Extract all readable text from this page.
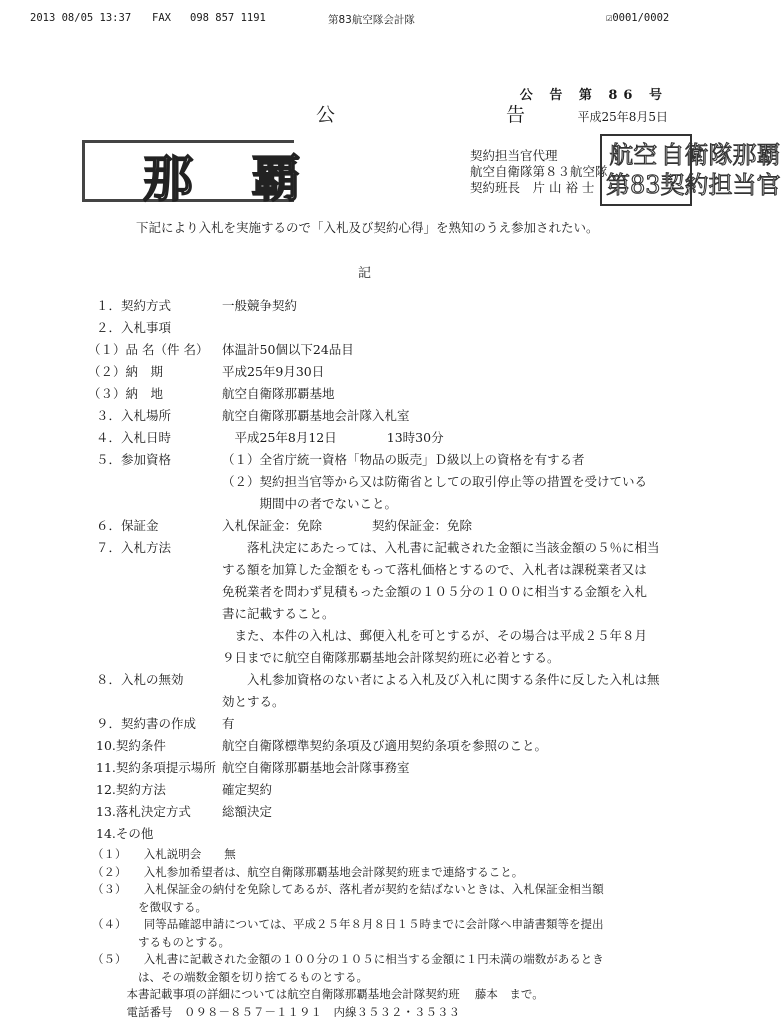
2013 08/05 13:37 FAX 098 857 1191	第83航空隊会計隊	☑0001/0002
公 告 第 86 号
平成25年8月5日
公　告
那覇	契約担当官代理
航空自衛隊第８３航空隊
契約班長　片 山 裕 士
航空 自衛 隊那 覇
第83 契約 担当 官
下記により入札を実施するので「入札及び契約心得」を熟知のうえ参加されたい。
記
１．契約方式	一般競争契約
２．入札事項
（１）品 名（件 名） 体温計50個以下24品目
（２）納　期	平成25年9月30日
（３）納　地	航空自衛隊那覇基地
３．入札場所	航空自衛隊那覇基地会計隊入札室
４．入札日時	　平成25年8月12日　　　　13時30分
５．参加資格	（１）全省庁統一資格「物品の販売」Ｄ級以上の資格を有する者
（２）契約担当官等から又は防衛省としての取引停止等の措置を受けている
　　　期間中の者でないこと。
６．保証金	入札保証金：免除　　　　契約保証金：免除
７．入札方法	　　落札決定にあたっては、入札書に記載された金額に当該金額の５％に相当
する額を加算した金額をもって落札価格とするので、入札者は課税業者又は
免税業者を問わず見積もった金額の１０５分の１００に相当する金額を入札
書に記載すること。
　また、本件の入札は、郵便入札を可とするが、その場合は平成２５年８月
９日までに航空自衛隊那覇基地会計隊契約班に必着とする。
８．入札の無効	　　入札参加資格のない者による入札及び入札に関する条件に反した入札は無
効とする。
９．契約書の作成 有
10.契約条件	航空自衛隊標準契約条項及び適用契約条項を参照のこと。
11.契約条項提示場所 航空自衛隊那覇基地会計隊事務室
12.契約方法	確定契約
13.落札決定方式 総額決定
14.その他
（１）　　入札説明会　　無
（２）　　入札参加希望者は、航空自衛隊那覇基地会計隊契約班まで連絡すること。
（３）　　入札保証金の納付を免除してあるが、落札者が契約を結ばないときは、入札保証金相当額
　　　　を徴収する。
（４）　　同等品確認申請については、平成２５年８月８日１５時までに会計隊へ申請書類等を提出
　　　　するものとする。
（５）　　入札書に記載された金額の１００分の１０５に相当する金額に１円未満の端数があるとき
　　　　は、その端数金額を切り捨てるものとする。
　　　本書記載事項の詳細については航空自衛隊那覇基地会計隊契約班　 藤本　まで。
　　　電話番号　０９８－８５７－１１９１　内線３５３２・３５３３
